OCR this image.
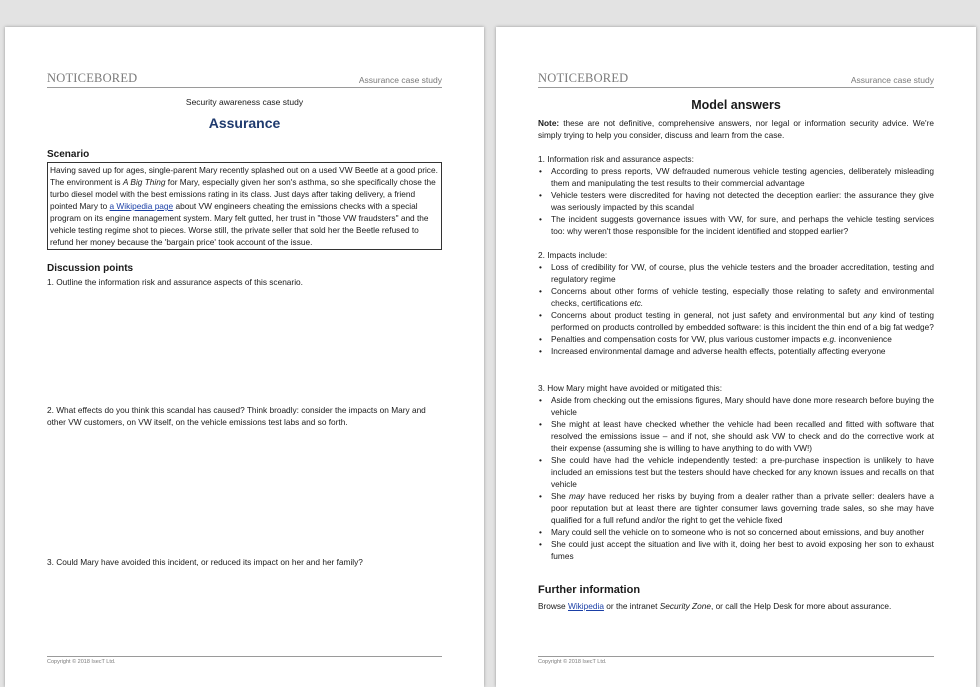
NOTICEBORED	Assurance case study
Security awareness case study
Assurance
Scenario
Having saved up for ages, single-parent Mary recently splashed out on a used VW Beetle at a good price. The environment is A Big Thing for Mary, especially given her son's asthma, so she specifically chose the turbo diesel model with the best emissions rating in its class. Just days after taking delivery, a friend pointed Mary to a Wikipedia page about VW engineers cheating the emissions checks with a special program on its engine management system. Mary felt gutted, her trust in "those VW fraudsters" and the vehicle testing regime shot to pieces. Worse still, the private seller that sold her the Beetle refused to refund her money because the 'bargain price' took account of the issue.
Discussion points
1. Outline the information risk and assurance aspects of this scenario.
2. What effects do you think this scandal has caused? Think broadly: consider the impacts on Mary and other VW customers, on VW itself, on the vehicle emissions test labs and so forth.
3. Could Mary have avoided this incident, or reduced its impact on her and her family?
Copyright © 2018 IsecT Ltd.
NOTICEBORED	Assurance case study
Model answers
Note: these are not definitive, comprehensive answers, nor legal or information security advice. We're simply trying to help you consider, discuss and learn from the case.
1. Information risk and assurance aspects:
• According to press reports, VW defrauded numerous vehicle testing agencies, deliberately misleading them and manipulating the test results to their commercial advantage
• Vehicle testers were discredited for having not detected the deception earlier: the assurance they give was seriously impacted by this scandal
• The incident suggests governance issues with VW, for sure, and perhaps the vehicle testing services too: why weren't those responsible for the incident identified and stopped earlier?
2. Impacts include:
• Loss of credibility for VW, of course, plus the vehicle testers and the broader accreditation, testing and regulatory regime
• Concerns about other forms of vehicle testing, especially those relating to safety and environmental checks, certifications etc.
• Concerns about product testing in general, not just safety and environmental but any kind of testing performed on products controlled by embedded software: is this incident the thin end of a big fat wedge?
• Penalties and compensation costs for VW, plus various customer impacts e.g. inconvenience
• Increased environmental damage and adverse health effects, potentially affecting everyone
3. How Mary might have avoided or mitigated this:
• Aside from checking out the emissions figures, Mary should have done more research before buying the vehicle
• She might at least have checked whether the vehicle had been recalled and fitted with software that resolved the emissions issue – and if not, she should ask VW to check and do the corrective work at their expense (assuming she is willing to have anything to do with VW!)
• She could have had the vehicle independently tested: a pre-purchase inspection is unlikely to have included an emissions test but the testers should have checked for any known issues and recalls on that vehicle
• She may have reduced her risks by buying from a dealer rather than a private seller: dealers have a poor reputation but at least there are tighter consumer laws governing trade sales, so she may have qualified for a full refund and/or the right to get the vehicle fixed
• Mary could sell the vehicle on to someone who is not so concerned about emissions, and buy another
• She could just accept the situation and live with it, doing her best to avoid exposing her son to exhaust fumes
Further information
Browse Wikipedia or the intranet Security Zone, or call the Help Desk for more about assurance.
Copyright © 2018 IsecT Ltd.
